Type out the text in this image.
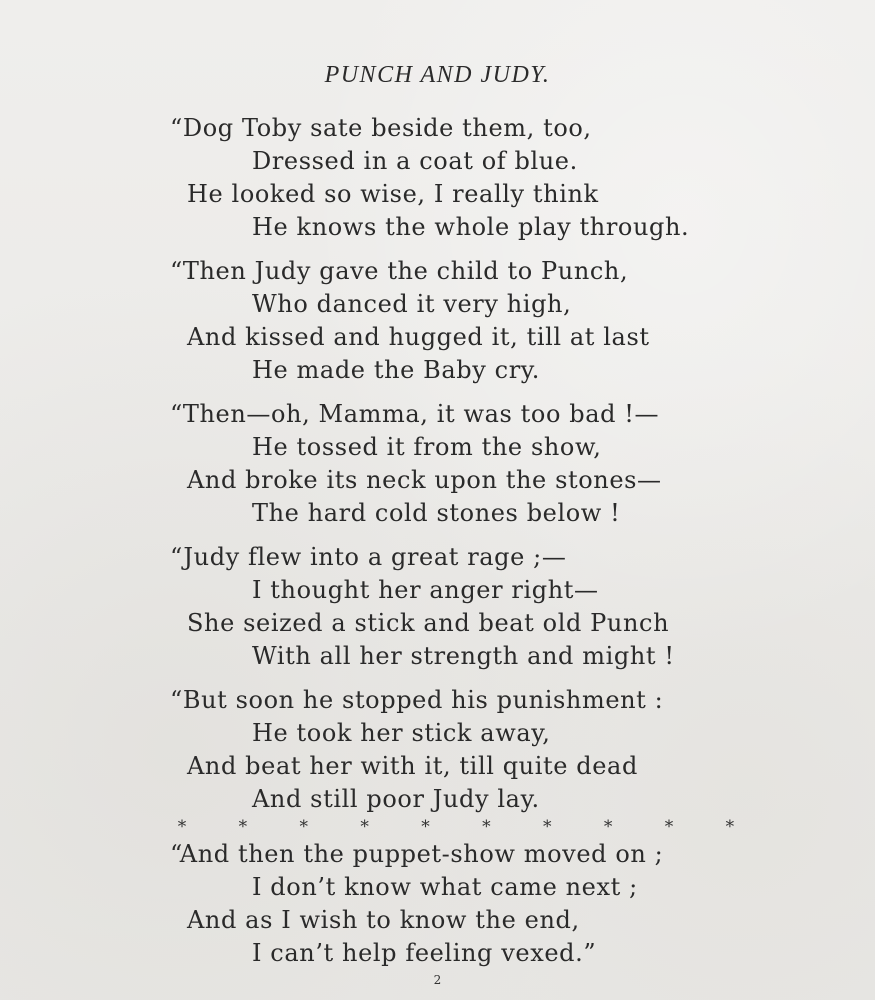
PUNCH AND JUDY.
“Dog Toby sate beside them, too,
Dressed in a coat of blue.
He looked so wise, I really think
He knows the whole play through.
“Then Judy gave the child to Punch,
Who danced it very high,
And kissed and hugged it, till at last
He made the Baby cry.
“Then—oh, Mamma, it was too bad !—
He tossed it from the show,
And broke its neck upon the stones—
The hard cold stones below !
“Judy flew into a great rage ;—
I thought her anger right—
She seized a stick and beat old Punch
With all her strength and might !
“But soon he stopped his punishment :
He took her stick away,
And beat her with it, till quite dead
And still poor Judy lay.
*	*	*	*	*	*	*	*	*	*
“And then the puppet-show moved on ;
I don’t know what came next ;
And as I wish to know the end,
I can’t help feeling vexed.”
2
